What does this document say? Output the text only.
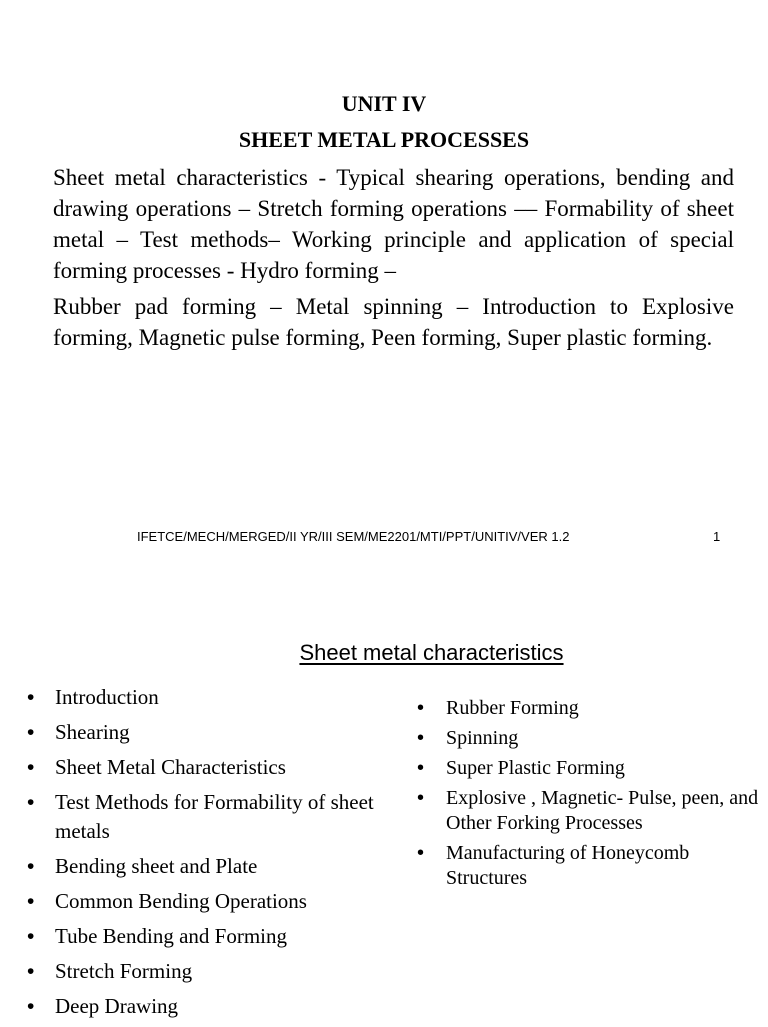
UNIT IV
SHEET METAL PROCESSES

Sheet metal characteristics - Typical shearing operations, bending and drawing operations – Stretch forming operations –– Formability of sheet metal – Test methods– Working principle and application of special forming processes - Hydro forming –

Rubber pad forming – Metal spinning – Introduction to Explosive forming, Magnetic pulse forming, Peen forming, Super plastic forming.

IFETCE/MECH/MERGED/II YR/III SEM/ME2201/MTI/PPT/UNITIV/VER 1.2	1
Sheet metal characteristics
• Introduction
• Shearing
• Sheet Metal Characteristics
• Test Methods for Formability of sheet metals
• Bending sheet and Plate
• Common Bending Operations
• Tube Bending and Forming
• Stretch Forming
• Deep Drawing
• Rubber Forming
• Spinning
• Super Plastic Forming
• Explosive , Magnetic- Pulse, peen, and Other Forking Processes
• Manufacturing of Honeycomb Structures
